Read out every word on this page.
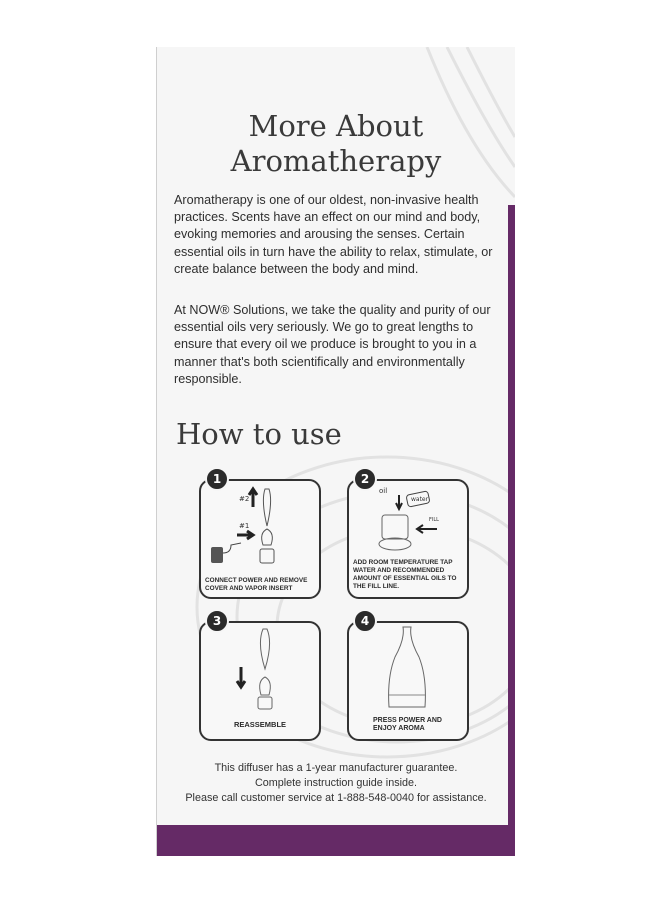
More About
Aromatherapy
Aromatherapy is one of our oldest, non-invasive health practices. Scents have an effect on our mind and body, evoking memories and arousing the senses. Certain essential oils in turn have the ability to relax, stimulate, or create balance between the body and mind.
At NOW® Solutions, we take the quality and purity of our essential oils very seriously. We go to great lengths to ensure that every oil we produce is brought to you in a manner that's both scientifically and environmentally responsible.
How to use
1
#2
#1
CONNECT POWER AND REMOVE COVER AND VAPOR INSERT
2
oil
water
FILL
ADD ROOM TEMPERATURE TAP WATER AND RECOMMENDED AMOUNT OF ESSENTIAL OILS TO THE FILL LINE.
3
REASSEMBLE
4
PRESS POWER AND ENJOY AROMA
This diffuser has a 1-year manufacturer guarantee.
Complete instruction guide inside.
Please call customer service at 1-888-548-0040 for assistance.
